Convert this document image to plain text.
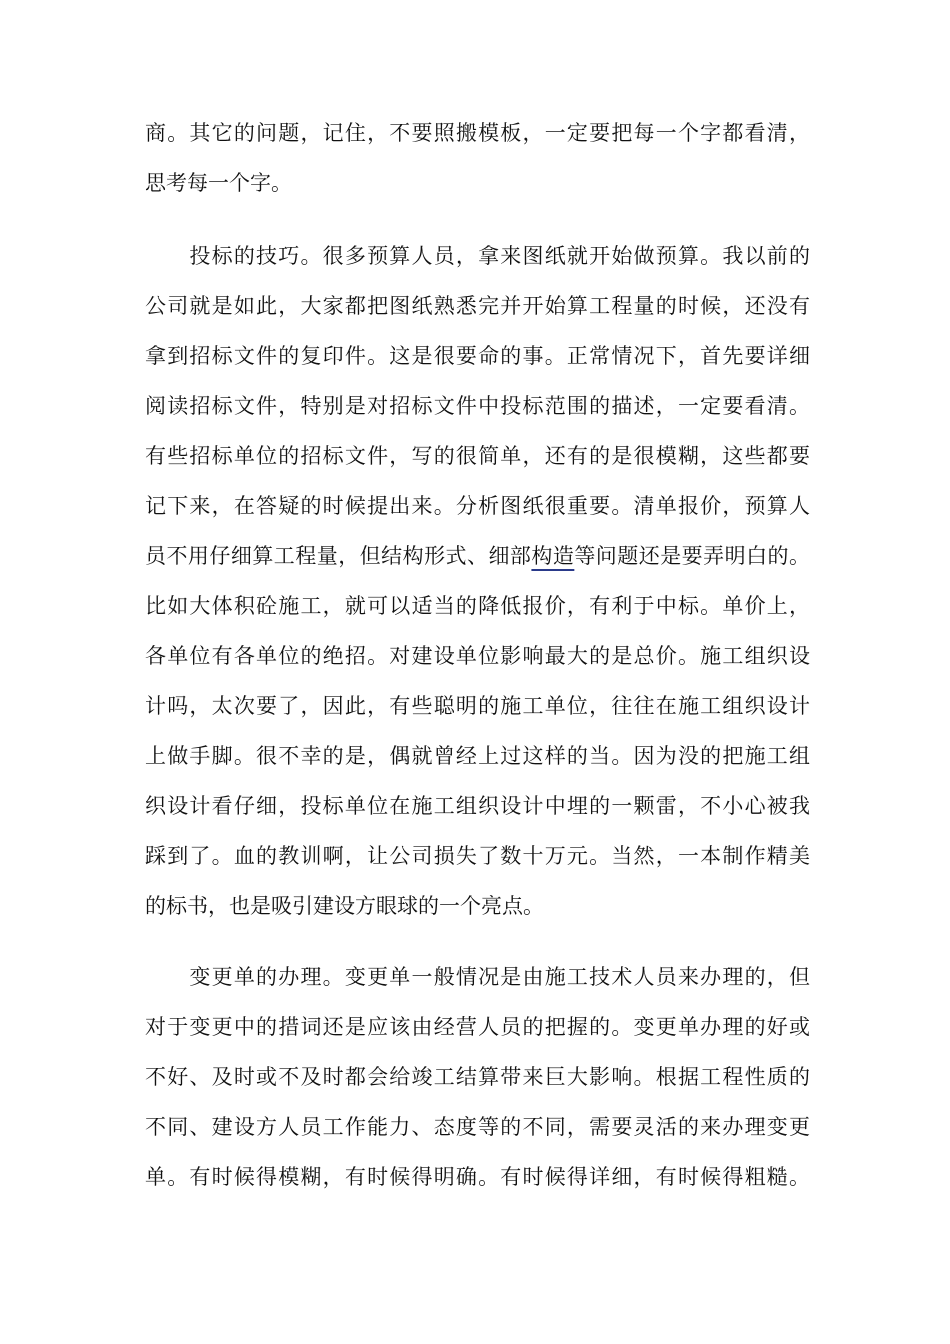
商。其它的问题，记住，不要照搬模板，一定要把每一个字都看清，
思考每一个字。
　　投标的技巧。很多预算人员，拿来图纸就开始做预算。我以前的
公司就是如此，大家都把图纸熟悉完并开始算工程量的时候，还没有
拿到招标文件的复印件。这是很要命的事。正常情况下，首先要详细
阅读招标文件，特别是对招标文件中投标范围的描述，一定要看清。
有些招标单位的招标文件，写的很简单，还有的是很模糊，这些都要
记下来，在答疑的时候提出来。分析图纸很重要。清单报价，预算人
员不用仔细算工程量，但结构形式、细部构造等问题还是要弄明白的。
比如大体积砼施工，就可以适当的降低报价，有利于中标。单价上，
各单位有各单位的绝招。对建设单位影响最大的是总价。施工组织设
计吗，太次要了，因此，有些聪明的施工单位，往往在施工组织设计
上做手脚。很不幸的是，偶就曾经上过这样的当。因为没的把施工组
织设计看仔细，投标单位在施工组织设计中埋的一颗雷，不小心被我
踩到了。血的教训啊，让公司损失了数十万元。当然，一本制作精美
的标书，也是吸引建设方眼球的一个亮点。
　　变更单的办理。变更单一般情况是由施工技术人员来办理的，但
对于变更中的措词还是应该由经营人员的把握的。变更单办理的好或
不好、及时或不及时都会给竣工结算带来巨大影响。根据工程性质的
不同、建设方人员工作能力、态度等的不同，需要灵活的来办理变更
单。有时候得模糊，有时候得明确。有时候得详细，有时候得粗糙。
